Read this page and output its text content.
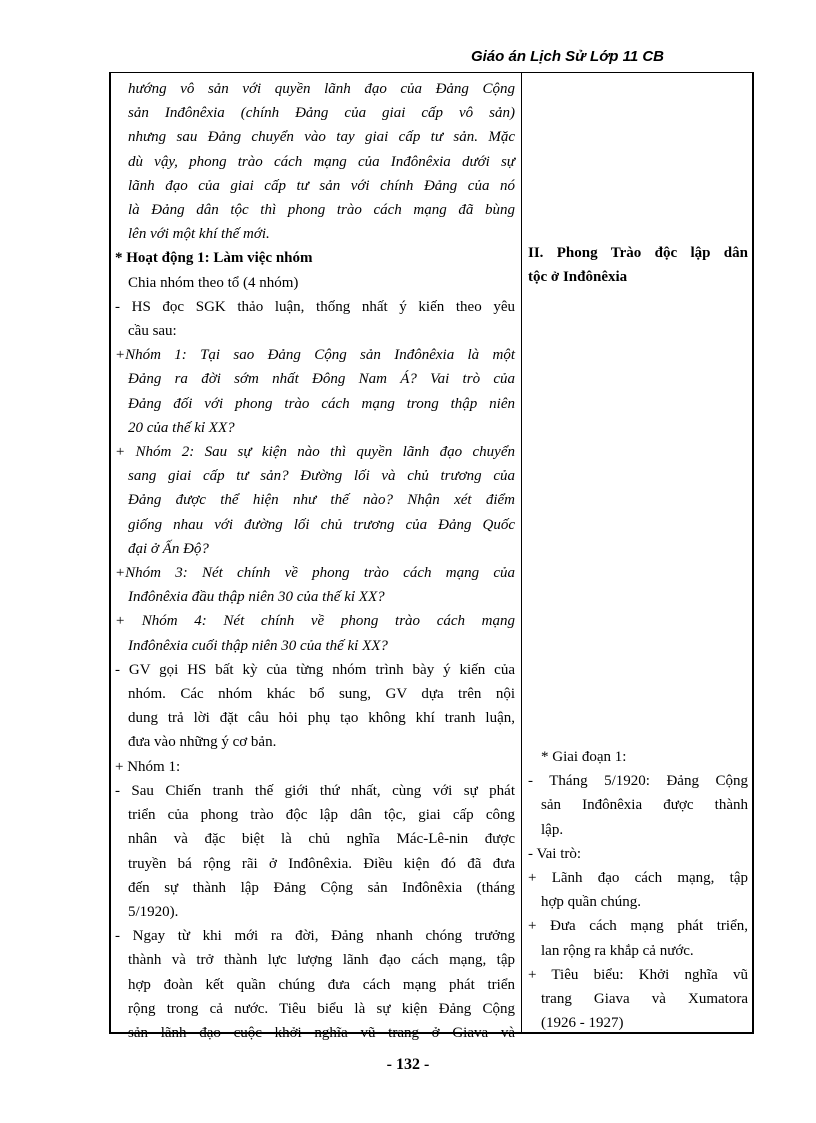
Giáo án Lịch Sử Lớp 11 CB
hướng vô sản với quyền lãnh đạo của Đảng Cộng
sản Inđônêxia (chính Đảng của giai cấp vô sản)
nhưng sau Đảng chuyển vào tay giai cấp tư sản. Mặc
dù vậy, phong trào cách mạng của Inđônêxia dưới sự
lãnh đạo của giai cấp tư sản với chính Đảng của nó
là Đảng dân tộc thì phong trào cách mạng đã bùng
lên với một khí thế mới.
* Hoạt động 1: Làm việc nhóm
Chia nhóm theo tổ (4 nhóm)
- HS đọc SGK thảo luận, thống nhất ý kiến theo yêu
cầu sau:
+Nhóm 1: Tại sao Đảng Cộng sản Inđônêxia là một
Đảng ra đời sớm nhất Đông Nam Á? Vai trò của
Đảng đối với phong trào cách mạng trong thập niên
20 của thế kỉ XX?
+ Nhóm 2: Sau sự kiện nào thì quyền lãnh đạo chuyển
sang giai cấp tư sản? Đường lối và chủ trương của
Đảng được thể hiện như thế nào? Nhận xét điểm
giống nhau với đường lối chủ trương của Đảng Quốc
đại ở Ấn Độ?
+Nhóm 3: Nét chính về phong trào cách mạng của
Inđônêxia đầu thập niên 30 của thế kỉ XX?
+ Nhóm 4: Nét chính về phong trào cách mạng
Inđônêxia cuối thập niên 30 của thế kỉ XX?
- GV gọi HS bất kỳ của từng nhóm trình bày ý kiến của
nhóm. Các nhóm khác bổ sung, GV dựa trên nội
dung trả lời đặt câu hỏi phụ tạo không khí tranh luận,
đưa vào những ý cơ bản.
+ Nhóm 1:
- Sau Chiến tranh thế giới thứ nhất, cùng với sự phát
triển của phong trào độc lập dân tộc, giai cấp công
nhân và đặc biệt là chủ nghĩa Mác-Lê-nin được
truyền bá rộng rãi ở Inđônêxia. Điều kiện đó đã đưa
đến sự thành lập Đảng Cộng sản Inđônêxia (tháng
5/1920).
- Ngay từ khi mới ra đời, Đảng nhanh chóng trưởng
thành và trở thành lực lượng lãnh đạo cách mạng, tập
hợp đoàn kết quần chúng đưa cách mạng phát triển
rộng trong cả nước. Tiêu biểu là sự kiện Đảng Cộng
sản lãnh đạo cuộc khởi nghĩa vũ trang ở Giava và
II. Phong Trào độc lập dân
tộc ở Inđônêxia
* Giai đoạn 1:
- Tháng 5/1920: Đảng Cộng
sản Inđônêxia được thành
lập.
- Vai trò:
+ Lãnh đạo cách mạng, tập
hợp quần chúng.
+ Đưa cách mạng phát triển,
lan rộng ra khắp cả nước.
+ Tiêu biểu: Khởi nghĩa vũ
trang Giava và Xumatora
(1926 - 1927)
- 132 -
